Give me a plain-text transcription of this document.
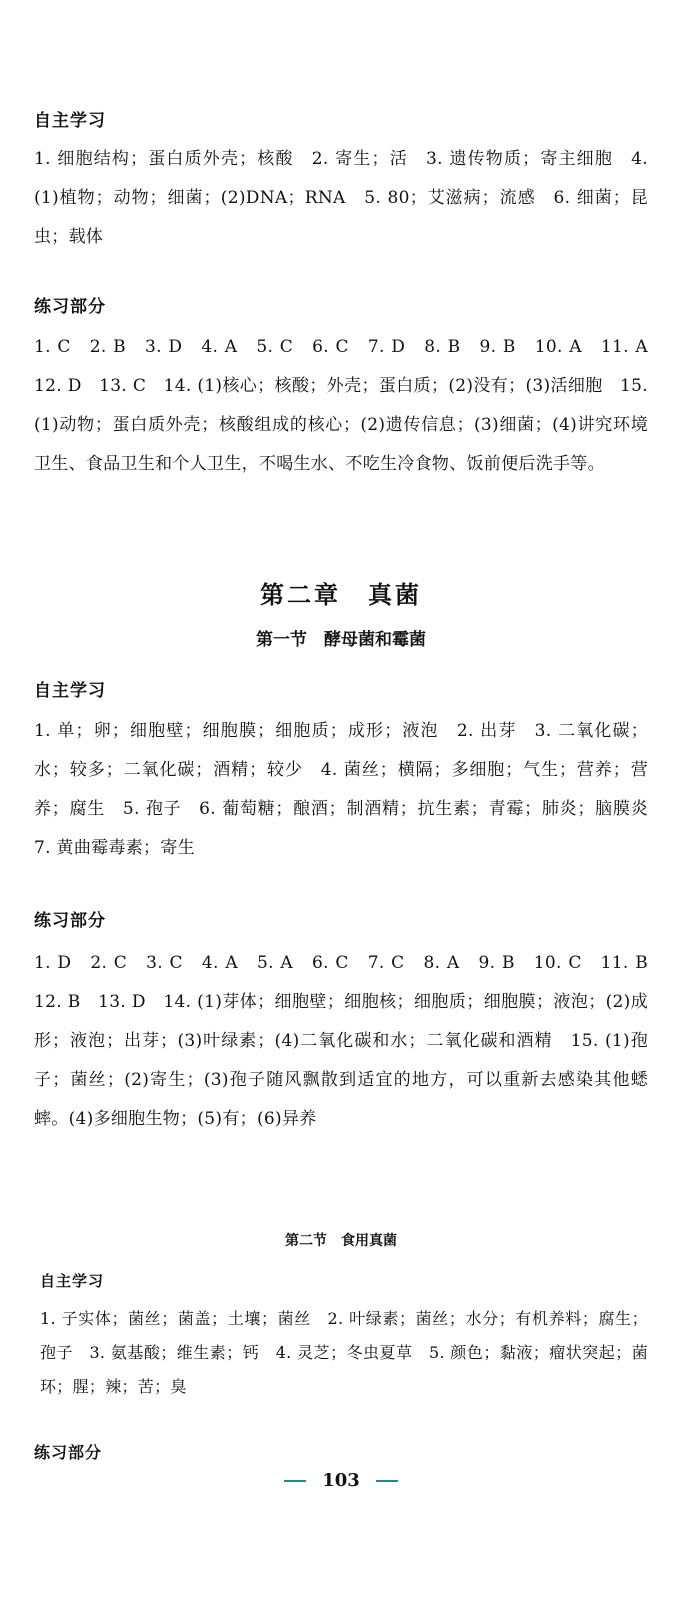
自主学习
1. 细胞结构；蛋白质外壳；核酸　2. 寄生；活　3. 遗传物质；寄主细胞　4. (1)植物；动物；细菌；(2)DNA；RNA　5. 80；艾滋病；流感　6. 细菌；昆虫；载体
练习部分
1. C　2. B　3. D　4. A　5. C　6. C　7. D　8. B　9. B　10. A　11. A　12. D　13. C　14. (1)核心；核酸；外壳；蛋白质；(2)没有；(3)活细胞　15. (1)动物；蛋白质外壳；核酸组成的核心；(2)遗传信息；(3)细菌；(4)讲究环境卫生、食品卫生和个人卫生，不喝生水、不吃生冷食物、饭前便后洗手等。
第二章　真菌
第一节　酵母菌和霉菌
自主学习
1. 单；卵；细胞壁；细胞膜；细胞质；成形；液泡　2. 出芽　3. 二氧化碳；水；较多；二氧化碳；酒精；较少　4. 菌丝；横隔；多细胞；气生；营养；营养；腐生　5. 孢子　6. 葡萄糖；酿酒；制酒精；抗生素；青霉；肺炎；脑膜炎　7. 黄曲霉毒素；寄生
练习部分
1. D　2. C　3. C　4. A　5. A　6. C　7. C　8. A　9. B　10. C　11. B　12. B　13. D　14. (1)芽体；细胞壁；细胞核；细胞质；细胞膜；液泡；(2)成形；液泡；出芽；(3)叶绿素；(4)二氧化碳和水；二氧化碳和酒精　15. (1)孢子；菌丝；(2)寄生；(3)孢子随风飘散到适宜的地方，可以重新去感染其他蟋蟀。(4)多细胞生物；(5)有；(6)异养
第二节　食用真菌
自主学习
1. 子实体；菌丝；菌盖；土壤；菌丝　2. 叶绿素；菌丝；水分；有机养料；腐生；孢子　3. 氨基酸；维生素；钙　4. 灵芝；冬虫夏草　5. 颜色；黏液；瘤状突起；菌环；腥；辣；苦；臭
练习部分
103
